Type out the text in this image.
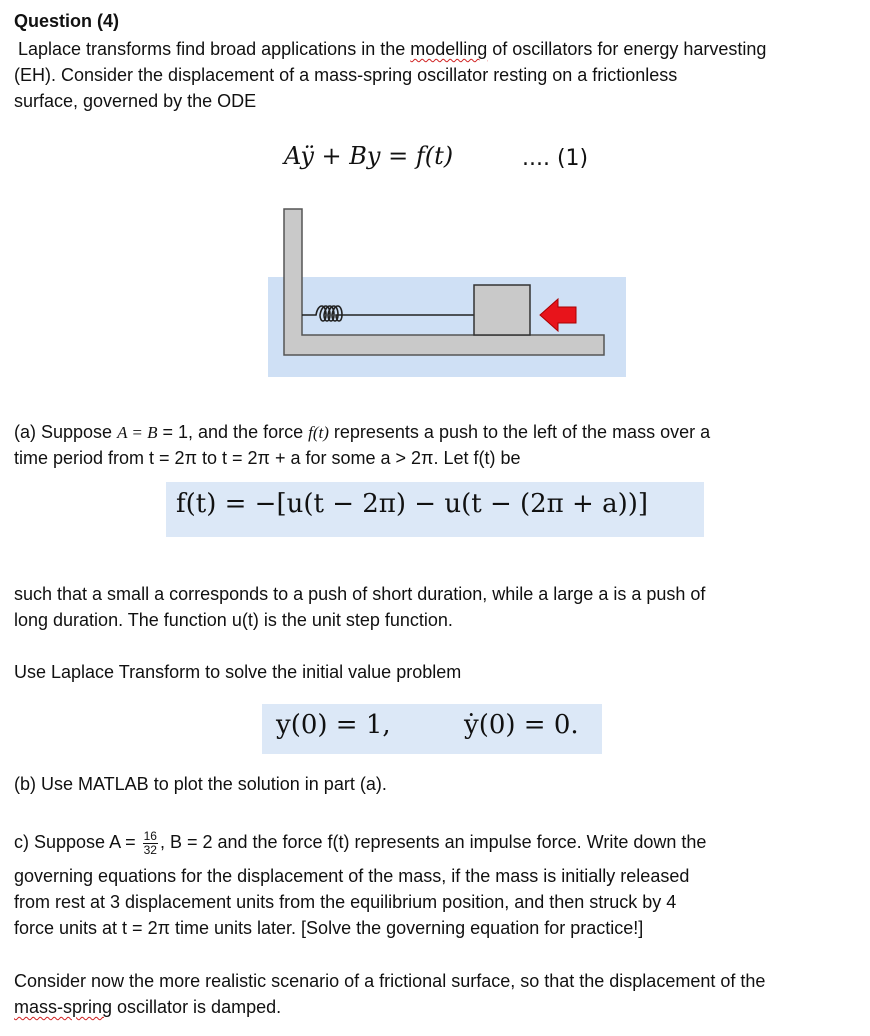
Question (4)
Laplace transforms find broad applications in the modelling of oscillators for energy harvesting
(EH). Consider the displacement of a mass-spring oscillator resting on a frictionless
surface, governed by the ODE
Aÿ + By = f(t)	.... (1)
(a) Suppose A = B = 1, and the force f(t) represents a push to the left of the mass over a
time period from t = 2π to t = 2π + a for some a > 2π. Let f(t) be
f(t) = −[u(t − 2π) − u(t − (2π + a))]
such that a small a corresponds to a push of short duration, while a large a is a push of
long duration. The function u(t) is the unit step function.
Use Laplace Transform to solve the initial value problem
y(0) = 1,	ẏ(0) = 0.
(b) Use MATLAB to plot the solution in part (a).
c) Suppose $A = \frac{16}{32}$ , B = 2 and the force f(t) represents an impulse force. Write down the
governing equations for the displacement of the mass, if the mass is initially released
from rest at 3 displacement units from the equilibrium position, and then struck by 4
force units at t = 2π time units later. [Solve the governing equation for practice!]
Consider now the more realistic scenario of a frictional surface, so that the displacement of the
mass-spring oscillator is damped.
